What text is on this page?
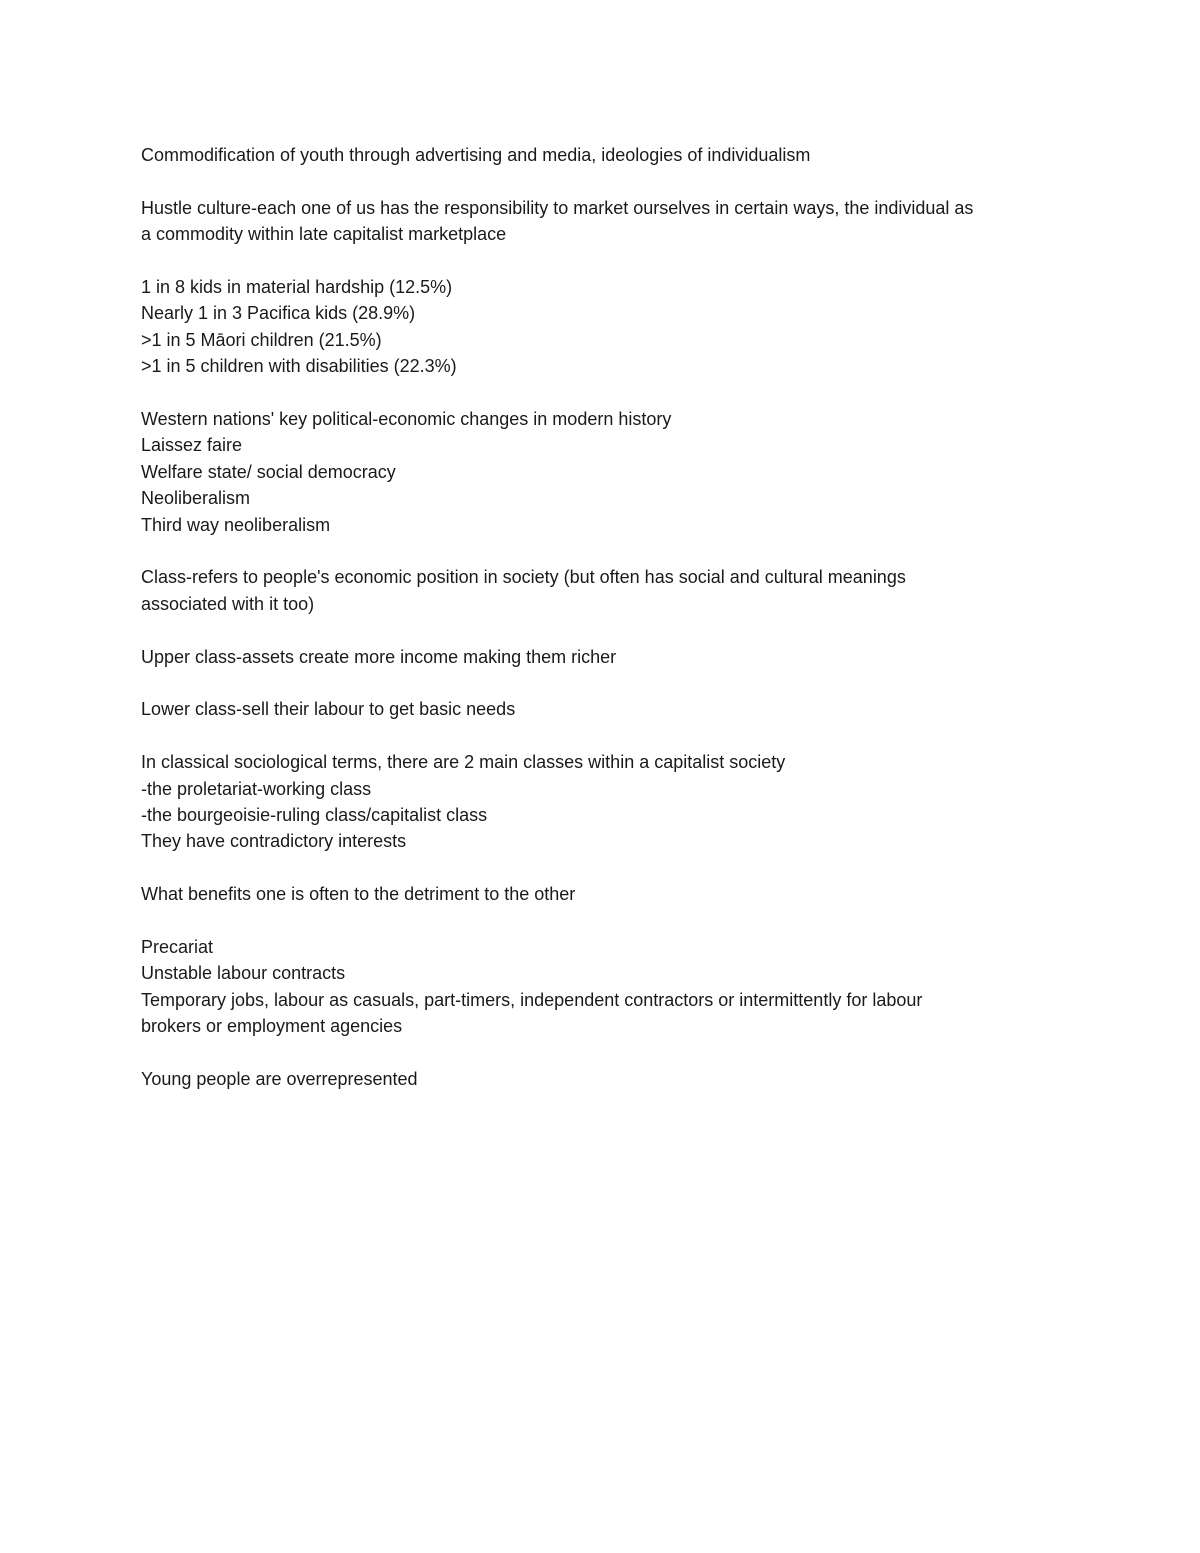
Commodification of youth through advertising and media, ideologies of individualism
Hustle culture-each one of us has the responsibility to market ourselves in certain ways, the individual as
a commodity within late capitalist marketplace
1 in 8 kids in material hardship (12.5%)
Nearly 1 in 3 Pacifica kids (28.9%)
>1 in 5 Māori children (21.5%)
>1 in 5 children with disabilities (22.3%)
Western nations' key political-economic changes in modern history
Laissez faire
Welfare state/ social democracy
Neoliberalism
Third way neoliberalism
Class-refers to people's economic position in society (but often has social and cultural meanings
associated with it too)
Upper class-assets create more income making them richer
Lower class-sell their labour to get basic needs
In classical sociological terms, there are 2 main classes within a capitalist society
-the proletariat-working class
-the bourgeoisie-ruling class/capitalist class
They have contradictory interests
What benefits one is often to the detriment to the other
Precariat
Unstable labour contracts
Temporary jobs, labour as casuals, part-timers, independent contractors or intermittently for labour
brokers or employment agencies
Young people are overrepresented
